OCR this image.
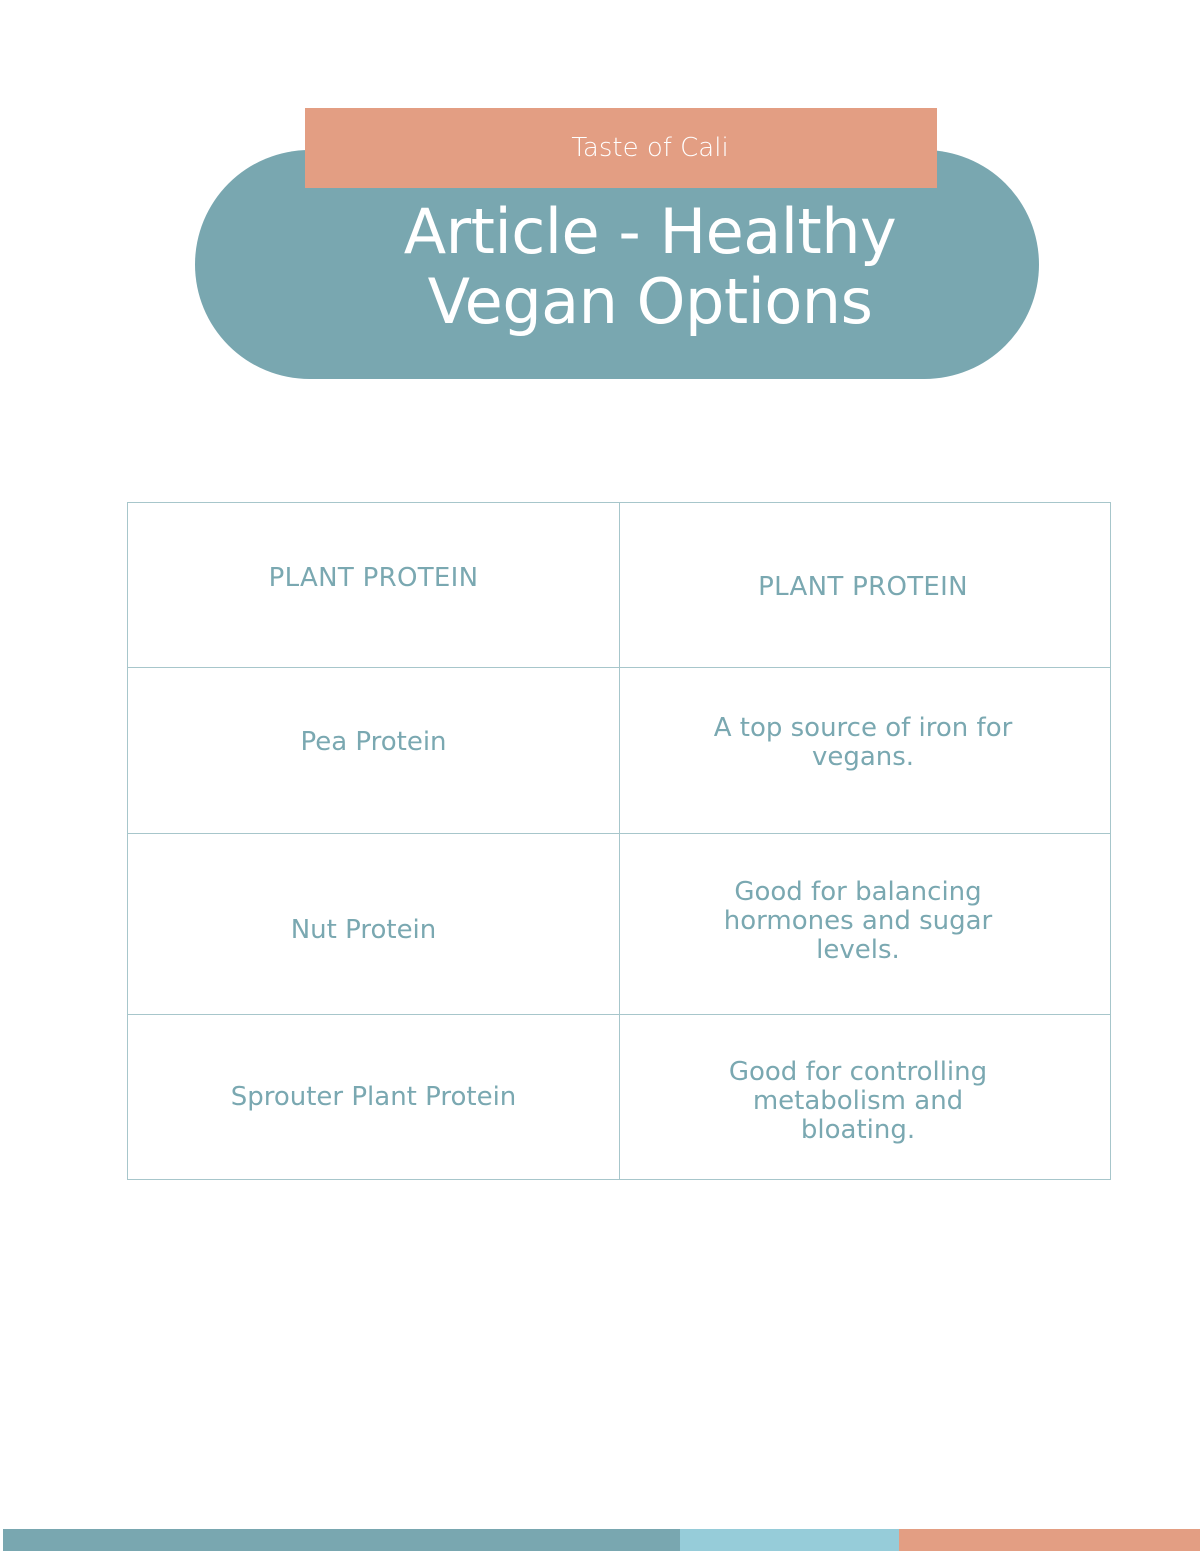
Taste of Cali
Article - Healthy
Vegan Options
PLANT PROTEIN	PLANT PROTEIN
Pea Protein	A top source of iron for vegans.
Nut Protein	Good for balancing hormones and sugar levels.
Sprouter Plant Protein	Good for controlling metabolism and bloating.
